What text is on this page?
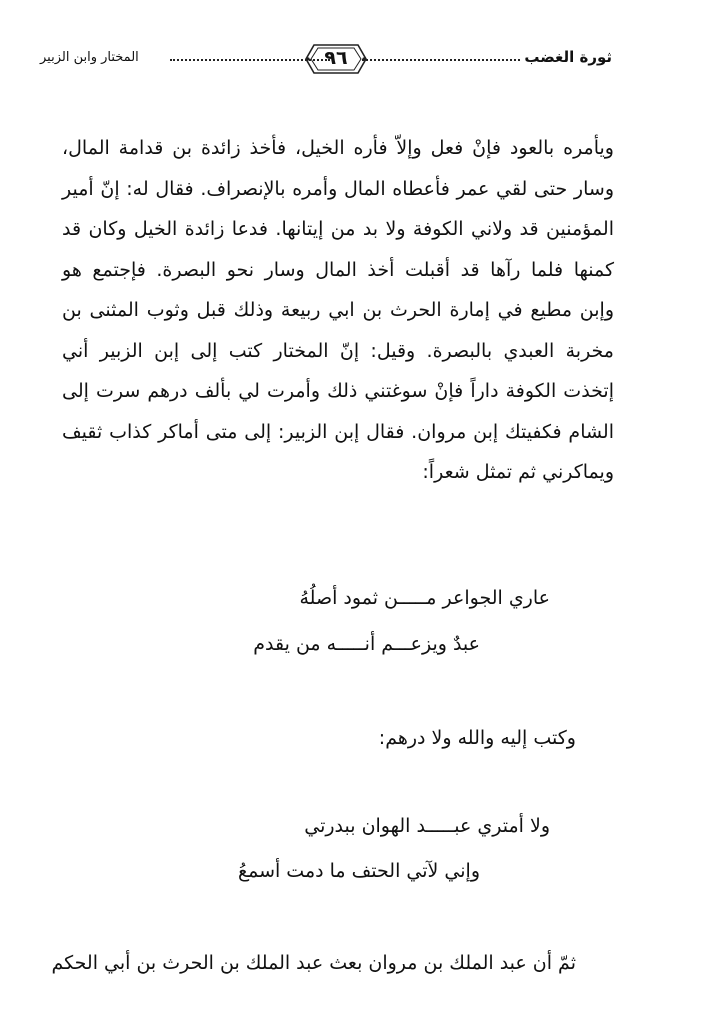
ثورة الغضب
٩٦
المختار وابن الزبير
ويأمره بالعود فإنْ فعل وإلاّ فأره الخيل، فأخذ زائدة بن قدامة المال،
وسار حتى لقي عمر فأعطاه المال وأمره بالإنصراف. فقال له: إنّ أمير
المؤمنين قد ولاني الكوفة ولا بد من إيتانها. فدعا زائدة الخيل وكان قد
كمنها فلما رآها قد أقبلت أخذ المال وسار نحو البصرة. فإجتمع هو
وإبن مطيع في إمارة الحرث بن ابي ربيعة وذلك قبل وثوب المثنى بن
مخربة العبدي بالبصرة. وقيل: إنّ المختار كتب إلى إبن الزبير أني
إتخذت الكوفة داراً فإنْ سوغتني ذلك وأمرت لي بألف درهم سرت إلى
الشام فكفيتك إبن مروان. فقال إبن الزبير: إلى متى أماكر كذاب ثقيف
ويماكرني ثم تمثل شعراً:
عاري الجواعر مـــــن ثمود أصلُهُ
عبدٌ ويزعـــم أنـــــه من يقدم
وكتب إليه والله ولا درهم:
ولا أمتري عبـــــد الهوان ببدرتي
وإني لآتي الحتف ما دمت أسمعُ
ثمّ أن عبد الملك بن مروان بعث عبد الملك بن الحرث بن أبي الحكم
